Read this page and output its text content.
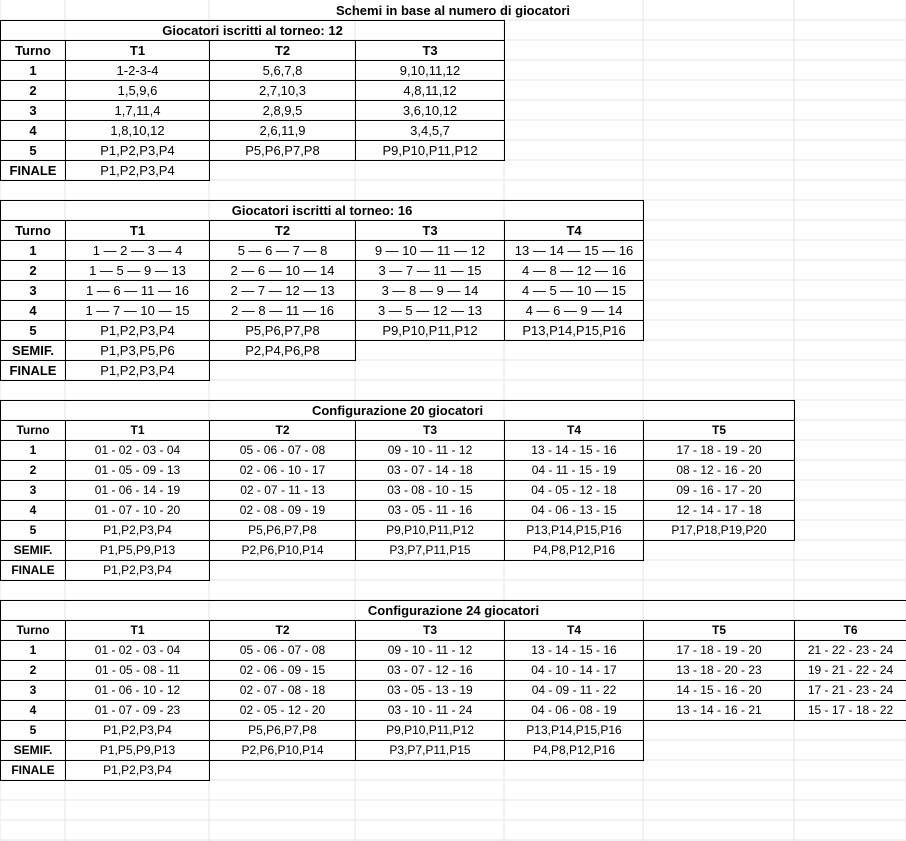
Schemi in base al numero di giocatori
Giocatori iscritti al torneo: 12			
Turno	T1	T2	T3
1	1-2-3-4	5,6,7,8	9,10,11,12
2	1,5,9,6	2,7,10,3	4,8,11,12
3	1,7,11,4	2,8,9,5	3,6,10,12
4	1,8,10,12	2,6,11,9	3,4,5,7
5	P1,P2,P3,P4	P5,P6,P7,P8	P9,P10,P11,P12
FINALE	P1,P2,P3,P4		
Giocatori iscritti al torneo: 16				
Turno	T1	T2	T3	T4
1	1 — 2 — 3 — 4	5 — 6 — 7 — 8	9 — 10 — 11 — 12	13 — 14 — 15 — 16
2	1 — 5 — 9 — 13	2 — 6 — 10 — 14	3 — 7 — 11 — 15	4 — 8 — 12 — 16
3	1 — 6 — 11 — 16	2 — 7 — 12 — 13	3 — 8 — 9 — 14	4 — 5 — 10 — 15
4	1 — 7 — 10 — 15	2 — 8 — 11 — 16	3 — 5 — 12 — 13	4 — 6 — 9 — 14
5	P1,P2,P3,P4	P5,P6,P7,P8	P9,P10,P11,P12	P13,P14,P15,P16
SEMIF.	P1,P3,P5,P6	P2,P4,P6,P8		
FINALE	P1,P2,P3,P4			
Configurazione 20 giocatori					
Turno	T1	T2	T3	T4	T5
1	01 - 02 - 03 - 04	05 - 06 - 07 - 08	09 - 10 - 11 - 12	13 - 14 - 15 - 16	17 - 18 - 19 - 20
2	01 - 05 - 09 - 13	02 - 06 - 10 - 17	03 - 07 - 14 - 18	04 - 11 - 15 - 19	08 - 12 - 16 - 20
3	01 - 06 - 14 - 19	02 - 07 - 11 - 13	03 - 08 - 10 - 15	04 - 05 - 12 - 18	09 - 16 - 17 - 20
4	01 - 07 - 10 - 20	02 - 08 - 09 - 19	03 - 05 - 11 - 16	04 - 06 - 13 - 15	12 - 14 - 17 - 18
5	P1,P2,P3,P4	P5,P6,P7,P8	P9,P10,P11,P12	P13,P14,P15,P16	P17,P18,P19,P20
SEMIF.	P1,P5,P9,P13	P2,P6,P10,P14	P3,P7,P11,P15	P4,P8,P12,P16	
FINALE	P1,P2,P3,P4				
Configurazione 24 giocatori						
Turno	T1	T2	T3	T4	T5	T6
1	01 - 02 - 03 - 04	05 - 06 - 07 - 08	09 - 10 - 11 - 12	13 - 14 - 15 - 16	17 - 18 - 19 - 20	21 - 22 - 23 - 24
2	01 - 05 - 08 - 11	02 - 06 - 09 - 15	03 - 07 - 12 - 16	04 - 10 - 14 - 17	13 - 18 - 20 - 23	19 - 21 - 22 - 24
3	01 - 06 - 10 - 12	02 - 07 - 08 - 18	03 - 05 - 13 - 19	04 - 09 - 11 - 22	14 - 15 - 16 - 20	17 - 21 - 23 - 24
4	01 - 07 - 09 - 23	02 - 05 - 12 - 20	03 - 10 - 11 - 24	04 - 06 - 08 - 19	13 - 14 - 16 - 21	15 - 17 - 18 - 22
5	P1,P2,P3,P4	P5,P6,P7,P8	P9,P10,P11,P12	P13,P14,P15,P16		
SEMIF.	P1,P5,P9,P13	P2,P6,P10,P14	P3,P7,P11,P15	P4,P8,P12,P16		
FINALE	P1,P2,P3,P4					
